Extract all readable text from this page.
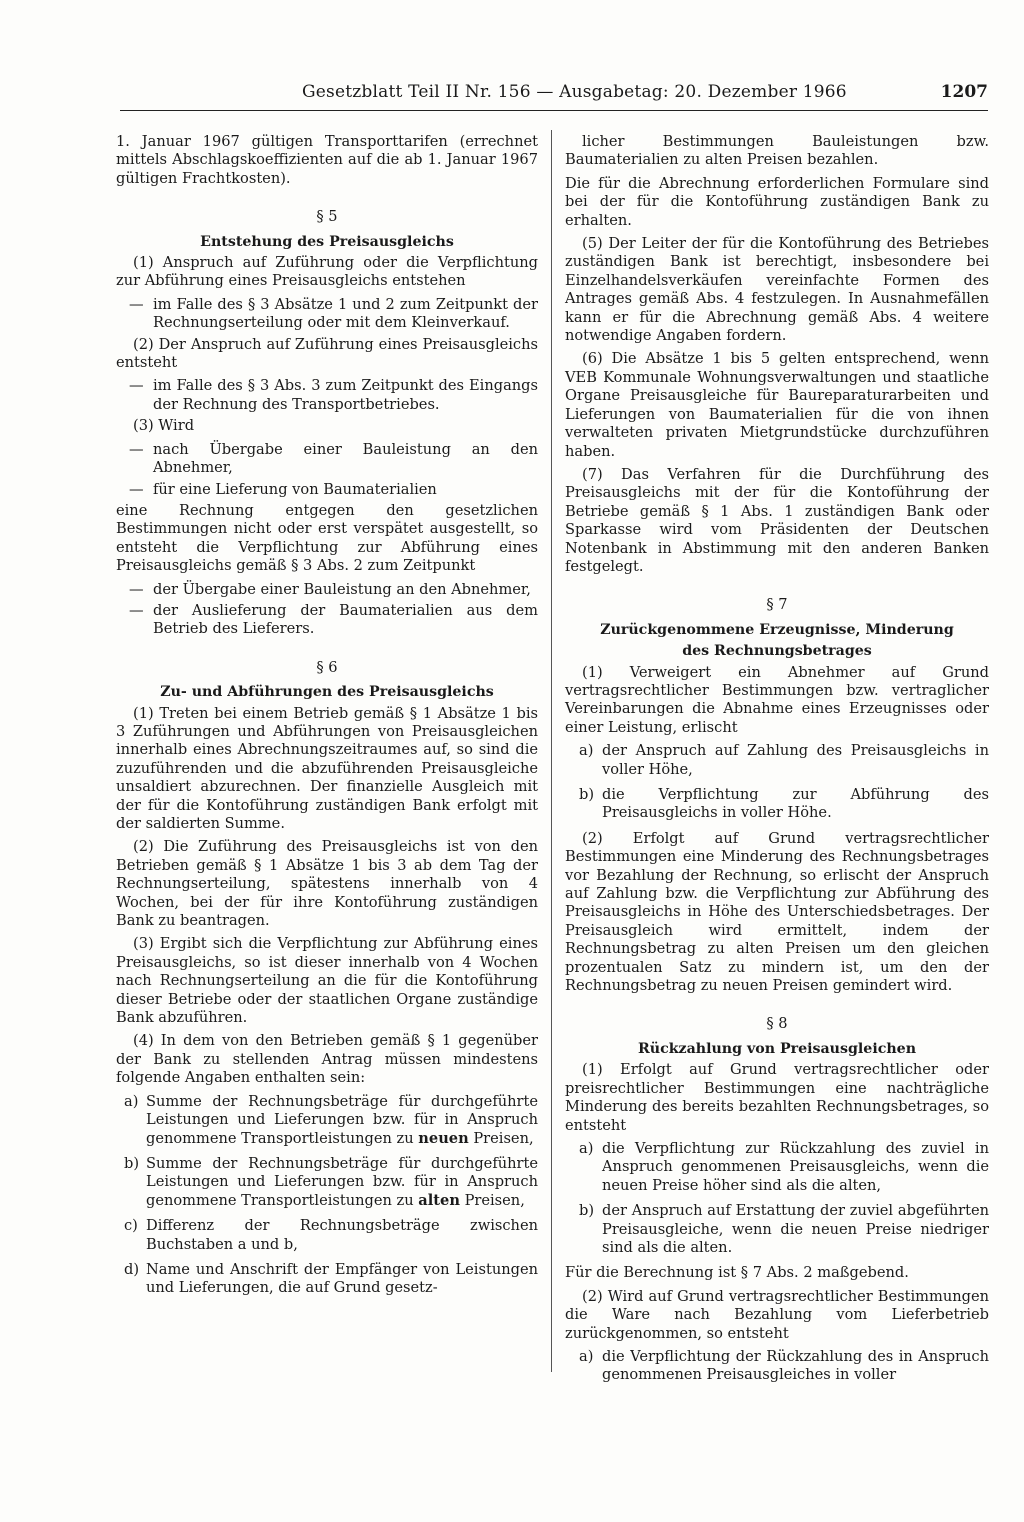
Gesetzblatt Teil II Nr. 156 — Ausgabetag: 20. Dezember 1966	1207

1. Januar 1967 gültigen Transporttarifen (errechnet mittels Abschlagskoeffizienten auf die ab 1. Januar 1967 gültigen Frachtkosten).

§ 5
Entstehung des Preisausgleichs

(1) Anspruch auf Zuführung oder die Verpflichtung zur Abführung eines Preisausgleichs entstehen

— im Falle des § 3 Absätze 1 und 2 zum Zeitpunkt der Rechnungserteilung oder mit dem Kleinverkauf.

(2) Der Anspruch auf Zuführung eines Preisausgleichs entsteht

— im Falle des § 3 Abs. 3 zum Zeitpunkt des Eingangs der Rechnung des Transportbetriebes.

(3) Wird

— nach Übergabe einer Bauleistung an den Abnehmer,
— für eine Lieferung von Baumaterialien

eine Rechnung entgegen den gesetzlichen Bestimmungen nicht oder erst verspätet ausgestellt, so entsteht die Verpflichtung zur Abführung eines Preisausgleichs gemäß § 3 Abs. 2 zum Zeitpunkt

— der Übergabe einer Bauleistung an den Abnehmer,
— der Auslieferung der Baumaterialien aus dem Betrieb des Lieferers.
§ 6
Zu- und Abführungen des Preisausgleichs

(1) Treten bei einem Betrieb gemäß § 1 Absätze 1 bis 3 Zuführungen und Abführungen von Preisausgleichen innerhalb eines Abrechnungszeitraumes auf, so sind die zuzuführenden und die abzuführenden Preisausgleiche unsaldiert abzurechnen. Der finanzielle Ausgleich mit der für die Kontoführung zuständigen Bank erfolgt mit der saldierten Summe.

(2) Die Zuführung des Preisausgleichs ist von den Betrieben gemäß § 1 Absätze 1 bis 3 ab dem Tag der Rechnungserteilung, spätestens innerhalb von 4 Wochen, bei der für ihre Kontoführung zuständigen Bank zu beantragen.

(3) Ergibt sich die Verpflichtung zur Abführung eines Preisausgleichs, so ist dieser innerhalb von 4 Wochen nach Rechnungserteilung an die für die Kontoführung dieser Betriebe oder der staatlichen Organe zuständige Bank abzuführen.

(4) In dem von den Betrieben gemäß § 1 gegenüber der Bank zu stellenden Antrag müssen mindestens folgende Angaben enthalten sein:

a) Summe der Rechnungsbeträge für durchgeführte Leistungen und Lieferungen bzw. für in Anspruch genommene Transportleistungen zu neuen Preisen,
b) Summe der Rechnungsbeträge für durchgeführte Leistungen und Lieferungen bzw. für in Anspruch genommene Transportleistungen zu alten Preisen,
c) Differenz der Rechnungsbeträge zwischen Buchstaben a und b,
d) Name und Anschrift der Empfänger von Leistungen und Lieferungen, die auf Grund gesetz-

licher Bestimmungen Bauleistungen bzw. Baumaterialien zu alten Preisen bezahlen.

Die für die Abrechnung erforderlichen Formulare sind bei der für die Kontoführung zuständigen Bank zu erhalten.

(5) Der Leiter der für die Kontoführung des Betriebes zuständigen Bank ist berechtigt, insbesondere bei Einzelhandelsverkäufen vereinfachte Formen des Antrages gemäß Abs. 4 festzulegen. In Ausnahmefällen kann er für die Abrechnung gemäß Abs. 4 weitere notwendige Angaben fordern.

(6) Die Absätze 1 bis 5 gelten entsprechend, wenn VEB Kommunale Wohnungsverwaltungen und staatliche Organe Preisausgleiche für Baureparaturarbeiten und Lieferungen von Baumaterialien für die von ihnen verwalteten privaten Mietgrundstücke durchzuführen haben.

(7) Das Verfahren für die Durchführung des Preisausgleichs mit der für die Kontoführung der Betriebe gemäß § 1 Abs. 1 zuständigen Bank oder Sparkasse wird vom Präsidenten der Deutschen Notenbank in Abstimmung mit den anderen Banken festgelegt.

§ 7
Zurückgenommene Erzeugnisse, Minderung
des Rechnungsbetrages

(1) Verweigert ein Abnehmer auf Grund vertragsrechtlicher Bestimmungen bzw. vertraglicher Vereinbarungen die Abnahme eines Erzeugnisses oder einer Leistung, erlischt

a) der Anspruch auf Zahlung des Preisausgleichs in voller Höhe,
b) die Verpflichtung zur Abführung des Preisausgleichs in voller Höhe.

(2) Erfolgt auf Grund vertragsrechtlicher Bestimmungen eine Minderung des Rechnungsbetrages vor Bezahlung der Rechnung, so erlischt der Anspruch auf Zahlung bzw. die Verpflichtung zur Abführung des Preisausgleichs in Höhe des Unterschiedsbetrages. Der Preisausgleich wird ermittelt, indem der Rechnungsbetrag zu alten Preisen um den gleichen prozentualen Satz zu mindern ist, um den der Rechnungsbetrag zu neuen Preisen gemindert wird.

§ 8
Rückzahlung von Preisausgleichen

(1) Erfolgt auf Grund vertragsrechtlicher oder preisrechtlicher Bestimmungen eine nachträgliche Minderung des bereits bezahlten Rechnungsbetrages, so entsteht

a) die Verpflichtung zur Rückzahlung des zuviel in Anspruch genommenen Preisausgleichs, wenn die neuen Preise höher sind als die alten,
b) der Anspruch auf Erstattung der zuviel abgeführten Preisausgleiche, wenn die neuen Preise niedriger sind als die alten.

Für die Berechnung ist § 7 Abs. 2 maßgebend.

(2) Wird auf Grund vertragsrechtlicher Bestimmungen die Ware nach Bezahlung vom Lieferbetrieb zurückgenommen, so entsteht

a) die Verpflichtung der Rückzahlung des in Anspruch genommenen Preisausgleiches in voller
